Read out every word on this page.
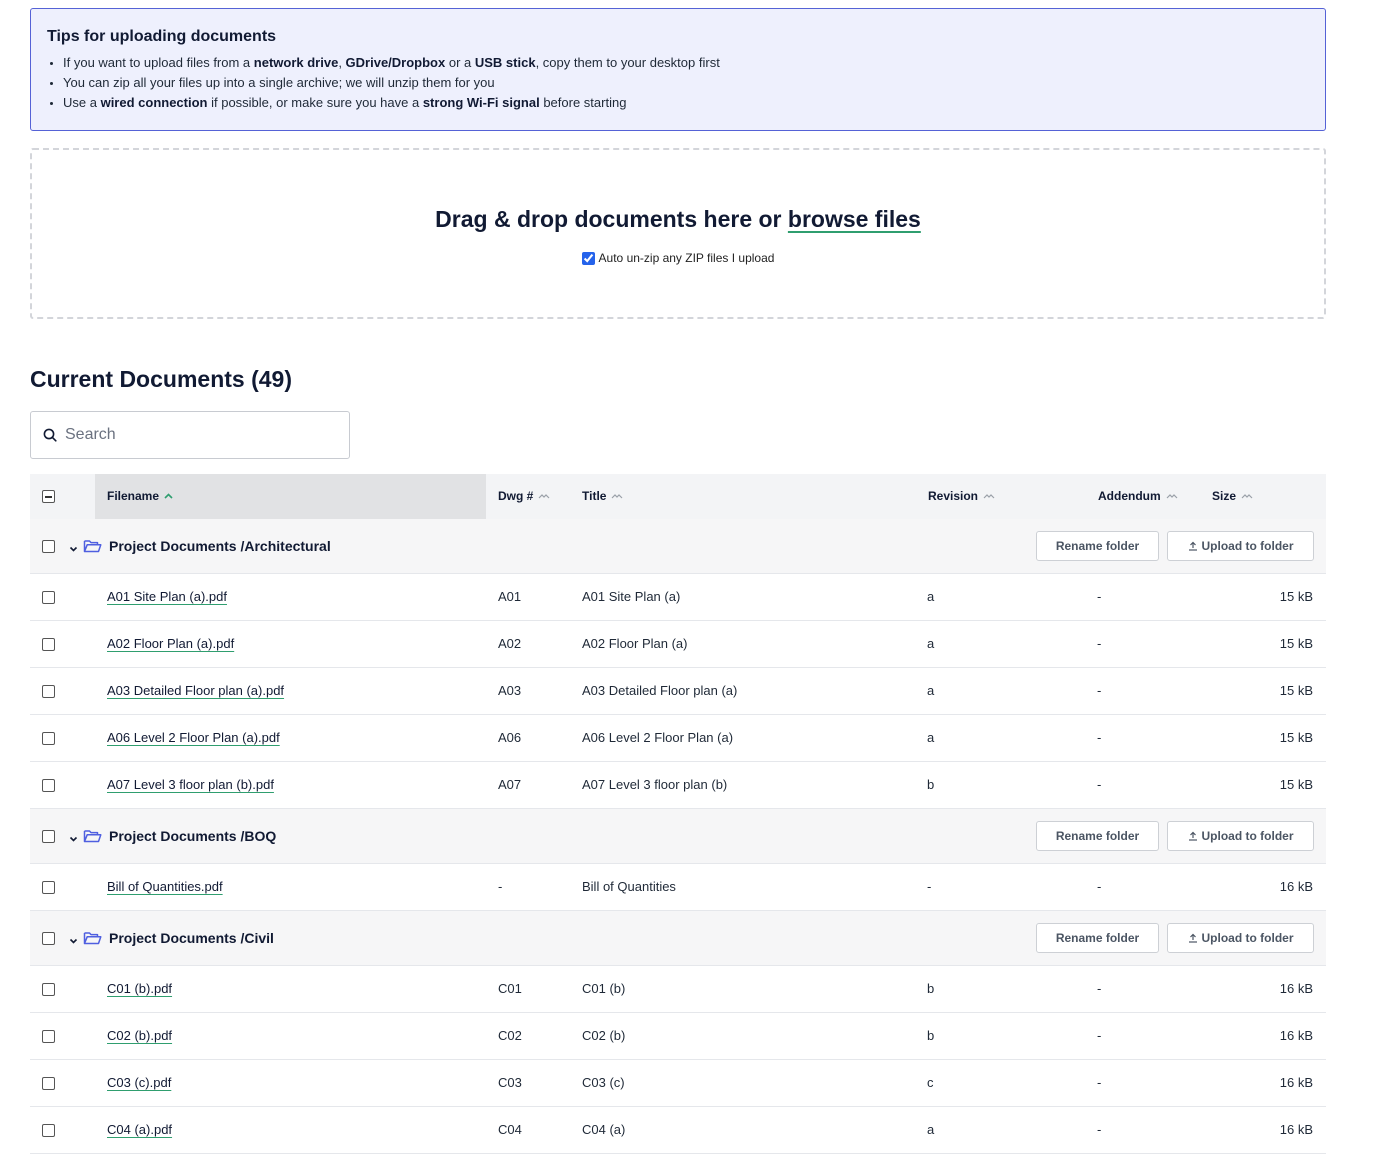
Tips for uploading documents
• If you want to upload files from a network drive, GDrive/Dropbox or a USB stick, copy them to your desktop first
• You can zip all your files up into a single archive; we will unzip them for you
• Use a wired connection if possible, or make sure you have a strong Wi-Fi signal before starting
Drag & drop documents here or browse files
Auto un-zip any ZIP files I upload
Current Documents (49)
Search
Filename	Dwg #	Title	Revision	Addendum	Size
Project Documents /Architectural	Rename folder	Upload to folder
A01 Site Plan (a).pdf	A01	A01 Site Plan (a)	a	-	15 kB
A02 Floor Plan (a).pdf	A02	A02 Floor Plan (a)	a	-	15 kB
A03 Detailed Floor plan (a).pdf	A03	A03 Detailed Floor plan (a)	a	-	15 kB
A06 Level 2 Floor Plan (a).pdf	A06	A06 Level 2 Floor Plan (a)	a	-	15 kB
A07 Level 3 floor plan (b).pdf	A07	A07 Level 3 floor plan (b)	b	-	15 kB
Project Documents /BOQ	Rename folder	Upload to folder
Bill of Quantities.pdf	-	Bill of Quantities	-	-	16 kB
Project Documents /Civil	Rename folder	Upload to folder
C01 (b).pdf	C01	C01 (b)	b	-	16 kB
C02 (b).pdf	C02	C02 (b)	b	-	16 kB
C03 (c).pdf	C03	C03 (c)	c	-	16 kB
C04 (a).pdf	C04	C04 (a)	a	-	16 kB
